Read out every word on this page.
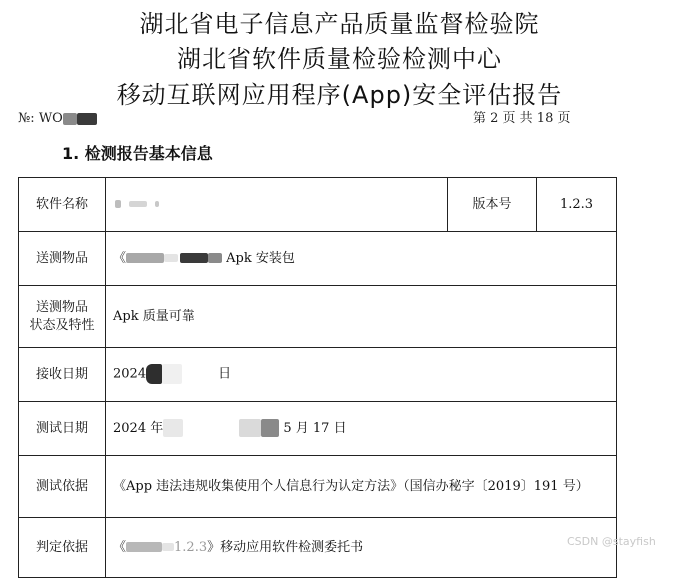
湖北省电子信息产品质量监督检验院
湖北省软件质量检验检测中心
移动互联网应用程序(App)安全评估报告
№: WO	第 2 页 共 18 页
1. 检测报告基本信息
软件名称		版本号	1.2.3
送测物品	《 Apk 安装包		

送测物品
状态及特性	Apk 质量可靠		
接收日期	2024 日		
测试日期	2024 年 5 月 17 日		
测试依据	《App 违法违规收集使用个人信息行为认定方法》（国信办秘字〔2019〕191 号）		
判定依据	《 1.2.3》移动应用软件检测委托书			CSDN @stayfish
